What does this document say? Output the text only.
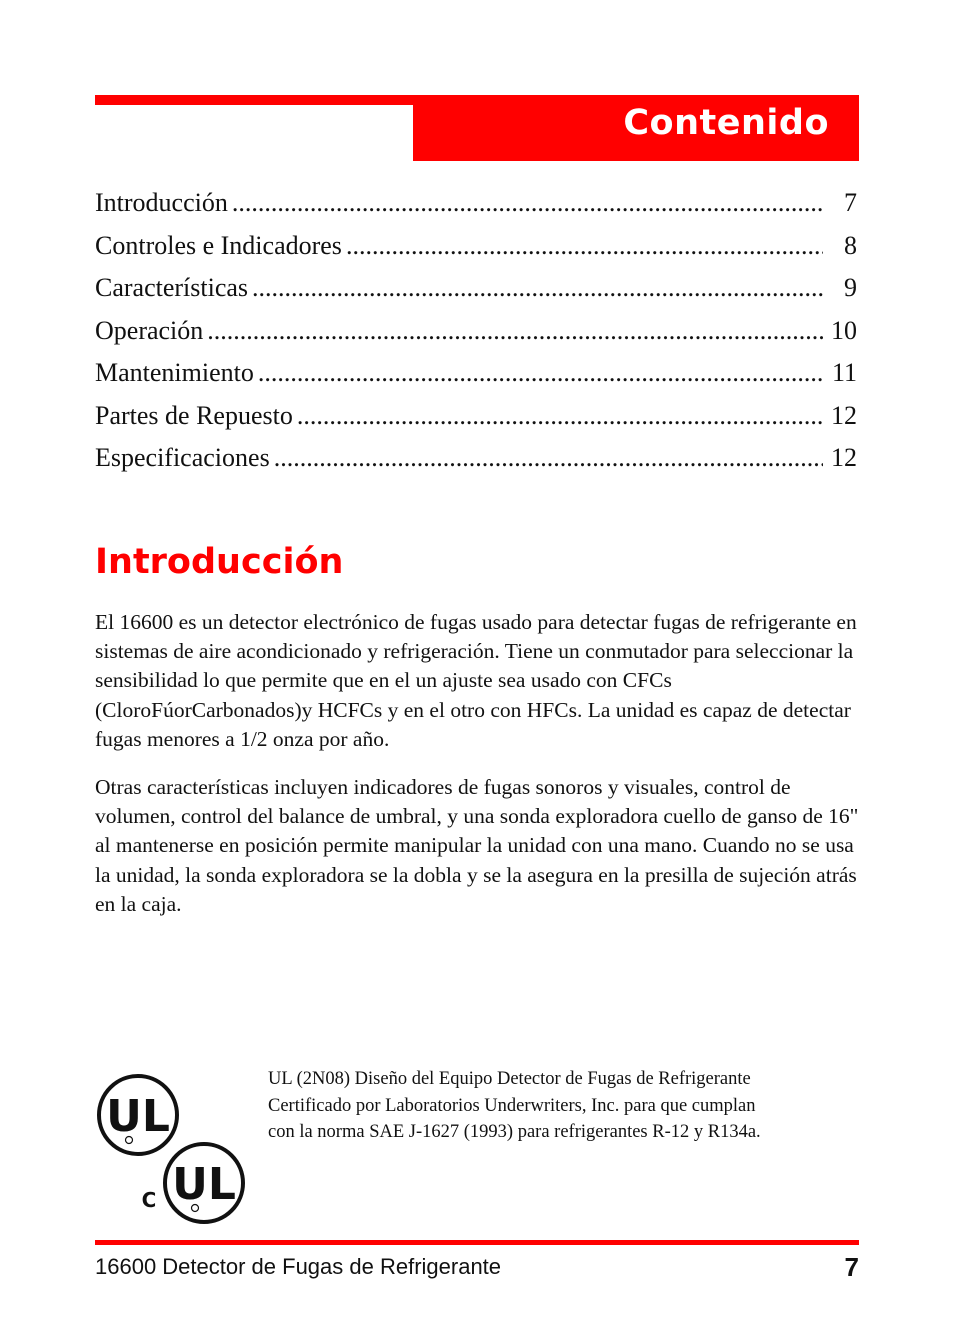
Contenido
Introducción .....	7
Controles e Indicadores .....	8
Características .....	9
Operación .....	10
Mantenimiento .....	11
Partes de Repuesto .....	12
Especificaciones .....	12
Introducción

El 16600 es un detector electrónico de fugas usado para detectar fugas de refrigerante en sistemas de aire acondicionado y refrigeración. Tiene un conmutador para seleccionar la sensibilidad lo que permite que en el un ajuste sea usado con CFCs (CloroFúorCarbonados)y HCFCs y en el otro con HFCs. La unidad es capaz de detectar fugas menores a 1/2 onza por año.

Otras características incluyen indicadores de fugas sonoros y visuales, control de volumen, control del balance de umbral, y una sonda exploradora cuello de ganso de 16" al mantenerse en posición permite manipular la unidad con una mano. Cuando no se usa la unidad, la sonda exploradora se la dobla y se la asegura en la presilla de sujeción atrás en la caja.

UL
UL
C

UL (2N08) Diseño del Equipo Detector de Fugas de Refrigerante
Certificado por Laboratorios Underwriters, Inc. para que cumplan
con la norma SAE J-1627 (1993) para refrigerantes R-12 y R134a.

16600 Detector de Fugas de Refrigerante	7
